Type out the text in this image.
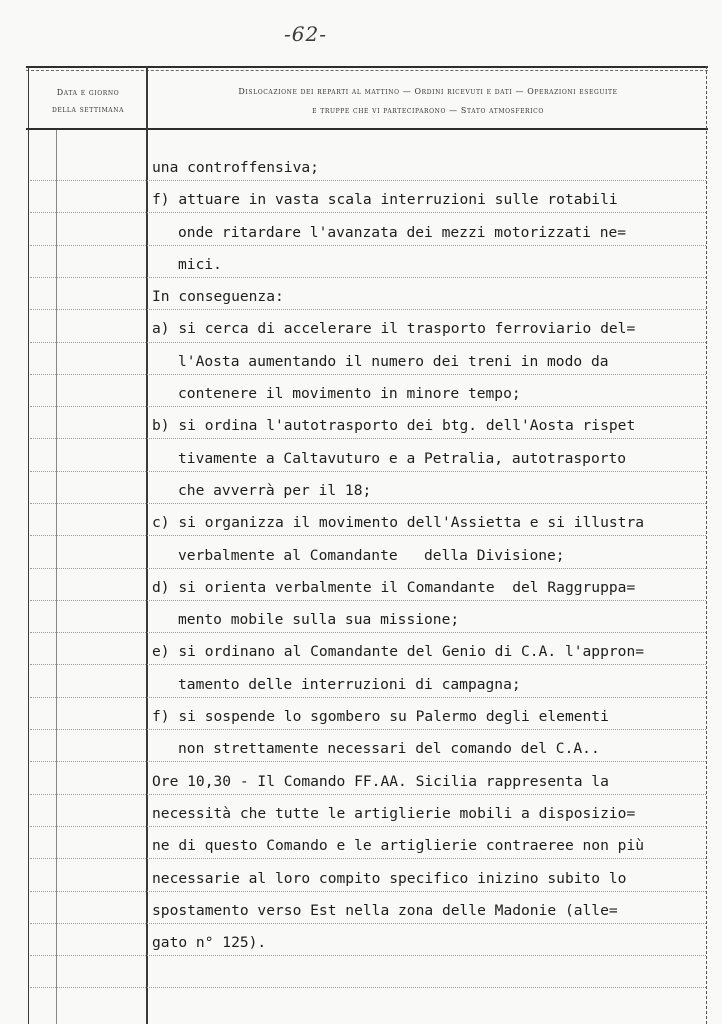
-62-
Data e giorno
della settimana
Dislocazione dei reparti al mattino — Ordini ricevuti e dati — Operazioni eseguite
e truppe che vi parteciparono — Stato atmosferico
una controffensiva;
f) attuare in vasta scala interruzioni sulle rotabili
onde ritardare l'avanzata dei mezzi motorizzati ne=
mici.
In conseguenza:
a) si cerca di accelerare il trasporto ferroviario del=
l'Aosta aumentando il numero dei treni in modo da
contenere il movimento in minore tempo;
b) si ordina l'autotrasporto dei btg. dell'Aosta rispet
tivamente a Caltavuturo e a Petralia, autotrasporto
che avverrà per il 18;
c) si organizza il movimento dell'Assietta e si illustra
verbalmente al Comandante   della Divisione;
d) si orienta verbalmente il Comandante  del Raggruppa=
mento mobile sulla sua missione;
e) si ordinano al Comandante del Genio di C.A. l'appron=
tamento delle interruzioni di campagna;
f) si sospende lo sgombero su Palermo degli elementi
non strettamente necessari del comando del C.A..
Ore 10,30 - Il Comando FF.AA. Sicilia rappresenta la
necessità che tutte le artiglierie mobili a disposizio=
ne di questo Comando e le artiglierie contraeree non più
necessarie al loro compito specifico inizino subito lo
spostamento verso Est nella zona delle Madonie (alle=
gato n° 125).
